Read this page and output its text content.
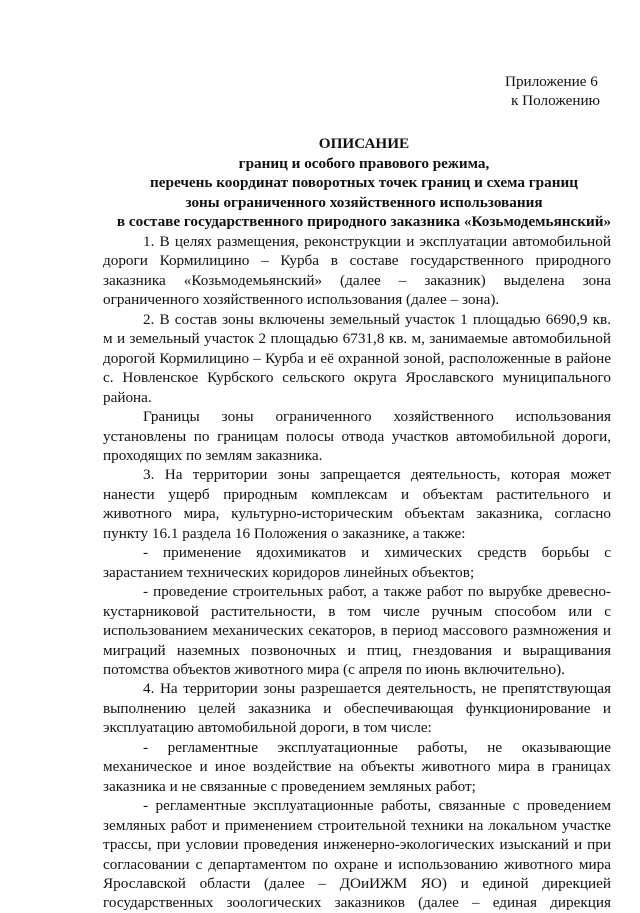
Приложение 6
к Положению
ОПИСАНИЕ
границ и особого правового режима,
перечень координат поворотных точек границ и схема границ
зоны ограниченного хозяйственного использования
в составе государственного природного заказника «Козьмодемьянский»

1. В целях размещения, реконструкции и эксплуатации автомобильной дороги Кормилицино – Курба в составе государственного природного заказника «Козьмодемьянский» (далее – заказник) выделена зона ограниченного хозяйственного использования (далее – зона).

2. В состав зоны включены земельный участок 1 площадью 6690,9 кв. м и земельный участок 2 площадью 6731,8 кв. м, занимаемые автомобильной дорогой Кормилицино – Курба и её охранной зоной, расположенные в районе с. Новленское Курбского сельского округа Ярославского муниципального района.

Границы зоны ограниченного хозяйственного использования установлены по границам полосы отвода участков автомобильной дороги, проходящих по землям заказника.

3. На территории зоны запрещается деятельность, которая может нанести ущерб природным комплексам и объектам растительного и животного мира, культурно-историческим объектам заказника, согласно пункту 16.1 раздела 16 Положения о заказнике, а также:

- применение ядохимикатов и химических средств борьбы с зарастанием технических коридоров линейных объектов;

- проведение строительных работ, а также работ по вырубке древесно-кустарниковой растительности, в том числе ручным способом или с использованием механических секаторов, в период массового размножения и миграций наземных позвоночных и птиц, гнездования и выращивания потомства объектов животного мира (с апреля по июнь включительно).

4. На территории зоны разрешается деятельность, не препятствующая выполнению целей заказника и обеспечивающая функционирование и эксплуатацию автомобильной дороги, в том числе:

- регламентные эксплуатационные работы, не оказывающие механическое и иное воздействие на объекты животного мира в границах заказника и не связанные с проведением земляных работ;

- регламентные эксплуатационные работы, связанные с проведением земляных работ и применением строительной техники на локальном участке трассы, при условии проведения инженерно-экологических изысканий и при согласовании с департаментом по охране и использованию животного мира Ярославской области (далее – ДОиИЖМ ЯО) и единой дирекцией государственных зоологических заказников (далее – единая дирекция
